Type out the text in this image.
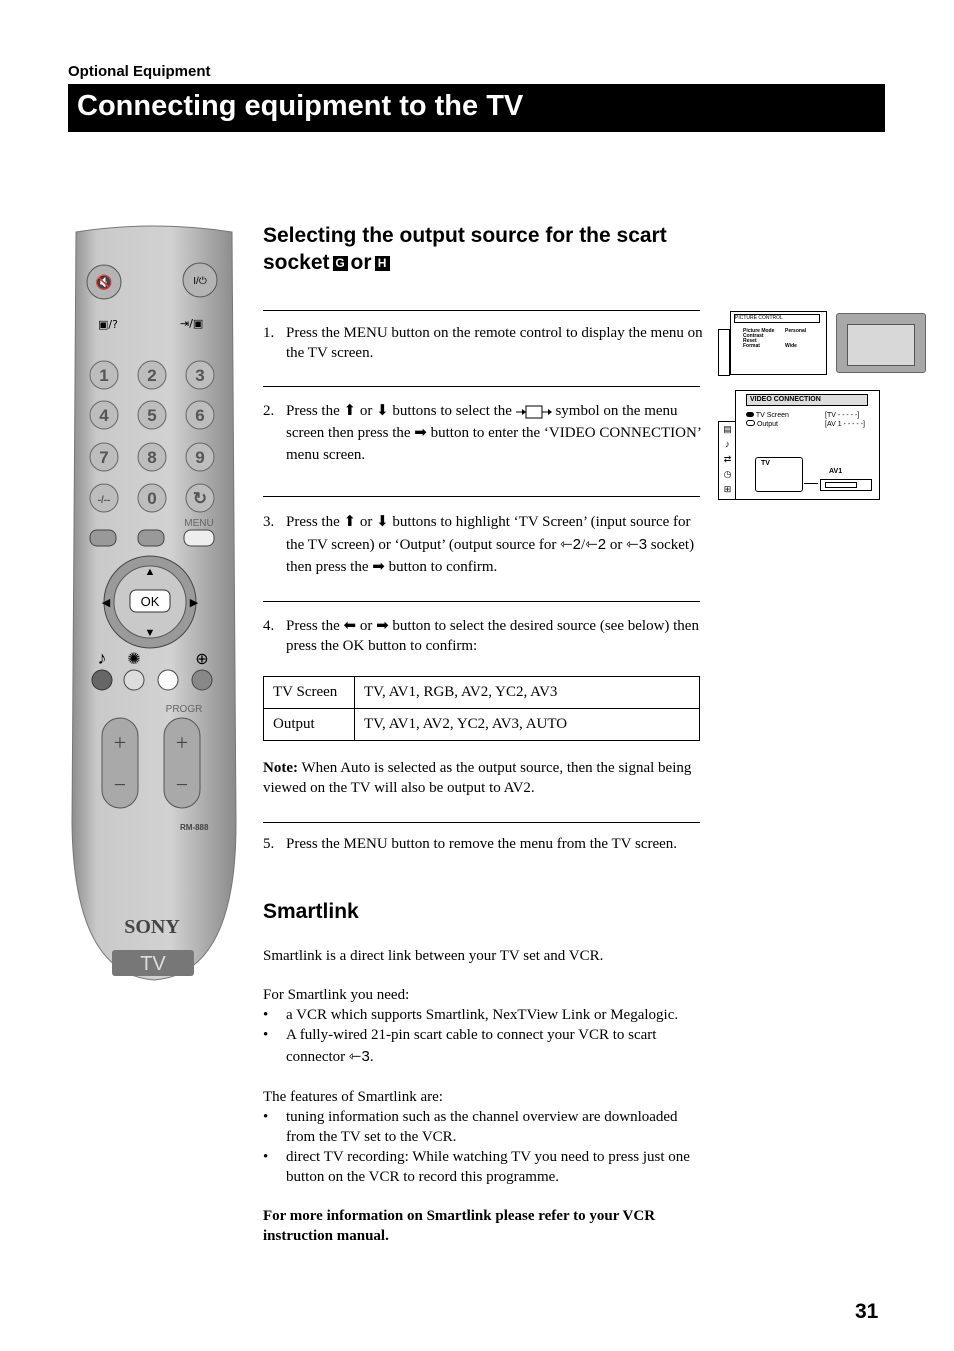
Optional Equipment
Connecting equipment to the TV
🔇	I/⏻
▣/?	⇥/▣
1 2 3
4 5 6
7 8 9
-/-- 0 ↻
MENU
OK
▲
▼
◀	▶
♪ ✺	⊕
PROGR
+
−
+
−
RM-888
SONY
TV
Selecting the output source for the scart
socket G or H
1. Press the MENU button on the remote control to display the menu on the TV screen.
2. Press the ⬆ or ⬇ buttons to select the	symbol on the menu screen then press the ➡ button to enter the ‘VIDEO CONNECTION’ menu screen.
3. Press the ⬆ or ⬇ buttons to highlight ‘TV Screen’ (input source for the TV screen) or ‘Output’ (output source for ⇽2/⇽2 or ⇽3 socket) then press the ➡ button to confirm.
4. Press the ⬅ or ➡ button to select the desired source (see below) then press the OK button to confirm:
TV Screen	TV, AV1, RGB, AV2, YC2, AV3
Output	TV, AV1, AV2, YC2, AV3, AUTO
Note: When Auto is selected as the output source, then the signal being viewed on the TV will also be output to AV2.
5. Press the MENU button to remove the menu from the TV screen.
Smartlink
Smartlink is a direct link between your TV set and VCR.
For Smartlink you need:
• a VCR which supports Smartlink, NexTView Link or Megalogic.
• A fully-wired 21-pin scart cable to connect your VCR to scart connector ⇽3.
The features of Smartlink are:
• tuning information such as the channel overview are downloaded from the TV set to the VCR.
• direct TV recording: While watching TV you need to press just one button on the VCR to record this programme.
For more information on Smartlink please refer to your VCR instruction manual.
PICTURE CONTROL
Picture Mode
Contrast
Reset
Format
Personal

Wide
▤
♪
⇄
◷
⊞
VIDEO CONNECTION
TV Screen
Output
[TV - - - - -]
[AV 1 - - - - -]
TV
AV1
31
